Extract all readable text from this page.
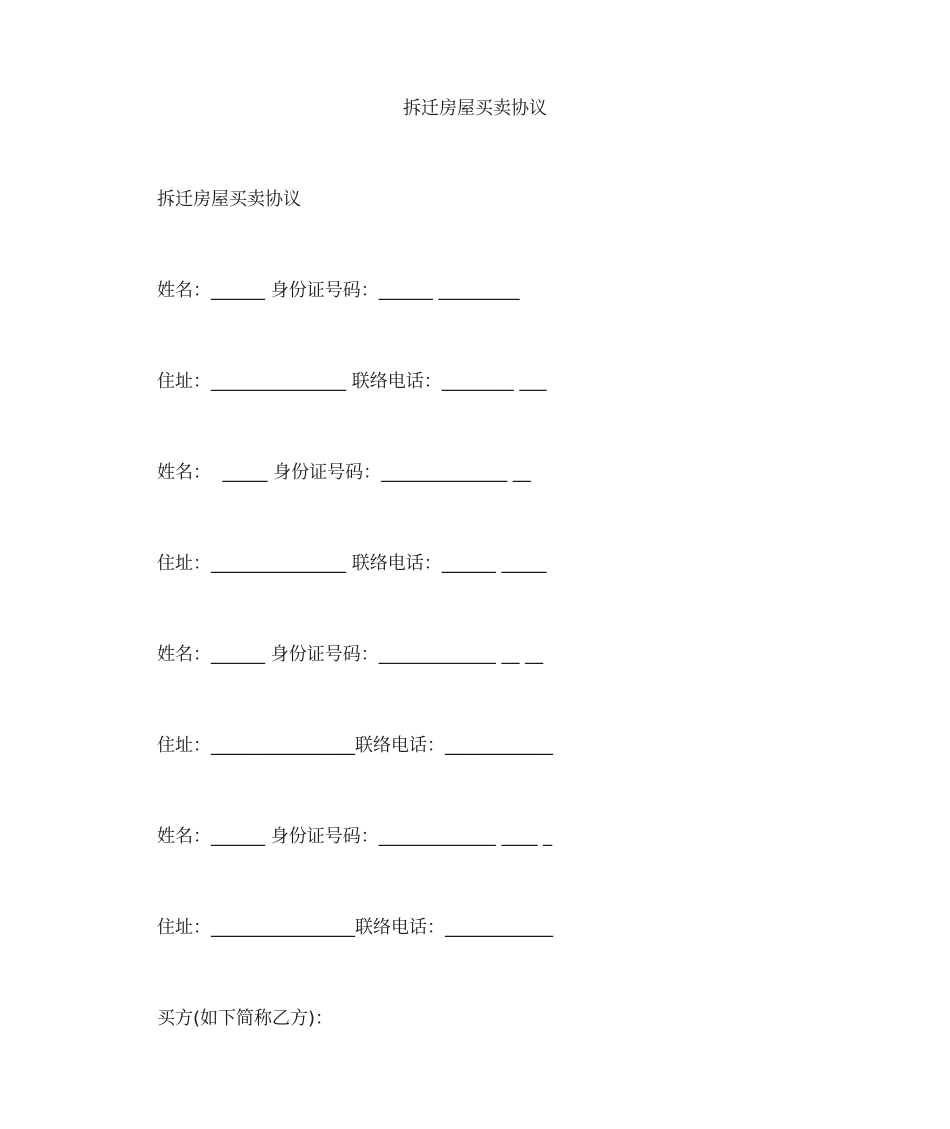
拆迁房屋买卖协议
拆迁房屋买卖协议
姓名：______ 身份证号码：______ _________
住址：_______________ 联络电话：________ ___
姓名：  _____ 身份证号码：______________ __
住址：_______________ 联络电话：______ _____
姓名：______ 身份证号码：_____________ __ __
住址：________________联络电话：____________
姓名：______ 身份证号码：_____________ ____ _
住址：________________联络电话：____________
买方(如下简称乙方)：
